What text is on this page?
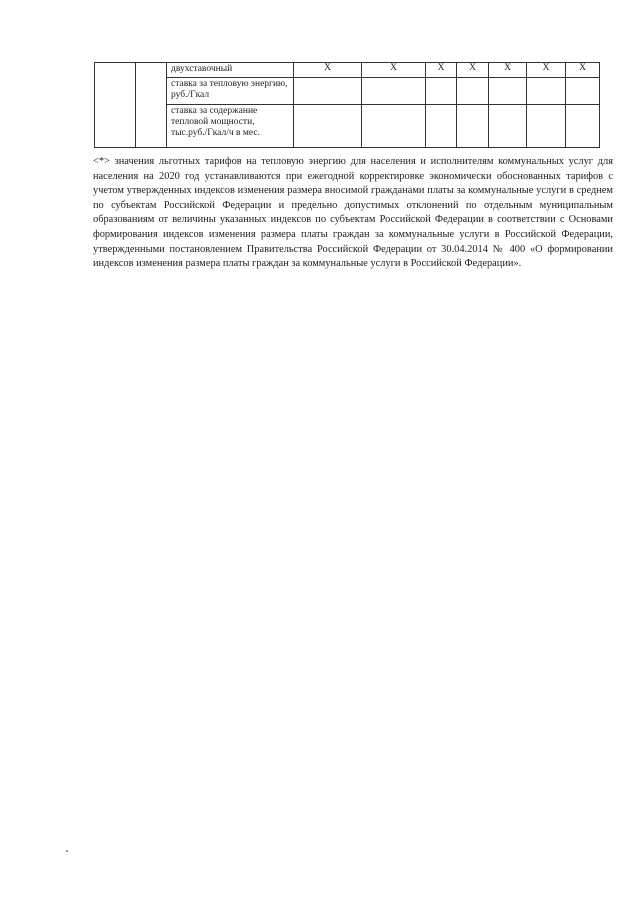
		двухставочный	X	X	X	X	X	X	X
		ставка за тепловую энергию, руб./Гкал							
		ставка за содержание тепловой мощности, тыс.руб./Гкал/ч в мес.							

<*> значения льготных тарифов на тепловую энергию для населения и исполнителям коммунальных услуг для населения на 2020 год устанавливаются при ежегодной корректировке экономически обоснованных тарифов с учетом утвержденных индексов изменения размера вносимой гражданами платы за коммунальные услуги в среднем по субъектам Российской Федерации и предельно допустимых отклонений по отдельным муниципальным образованиям от величины указанных индексов по субъектам Российской Федерации в соответствии с Основами формирования индексов изменения размера платы граждан за коммунальные услуги в Российской Федерации, утвержденными постановлением Правительства Российской Федерации от 30.04.2014 № 400 «О формировании индексов изменения размера платы граждан за коммунальные услуги в Российской Федерации».
